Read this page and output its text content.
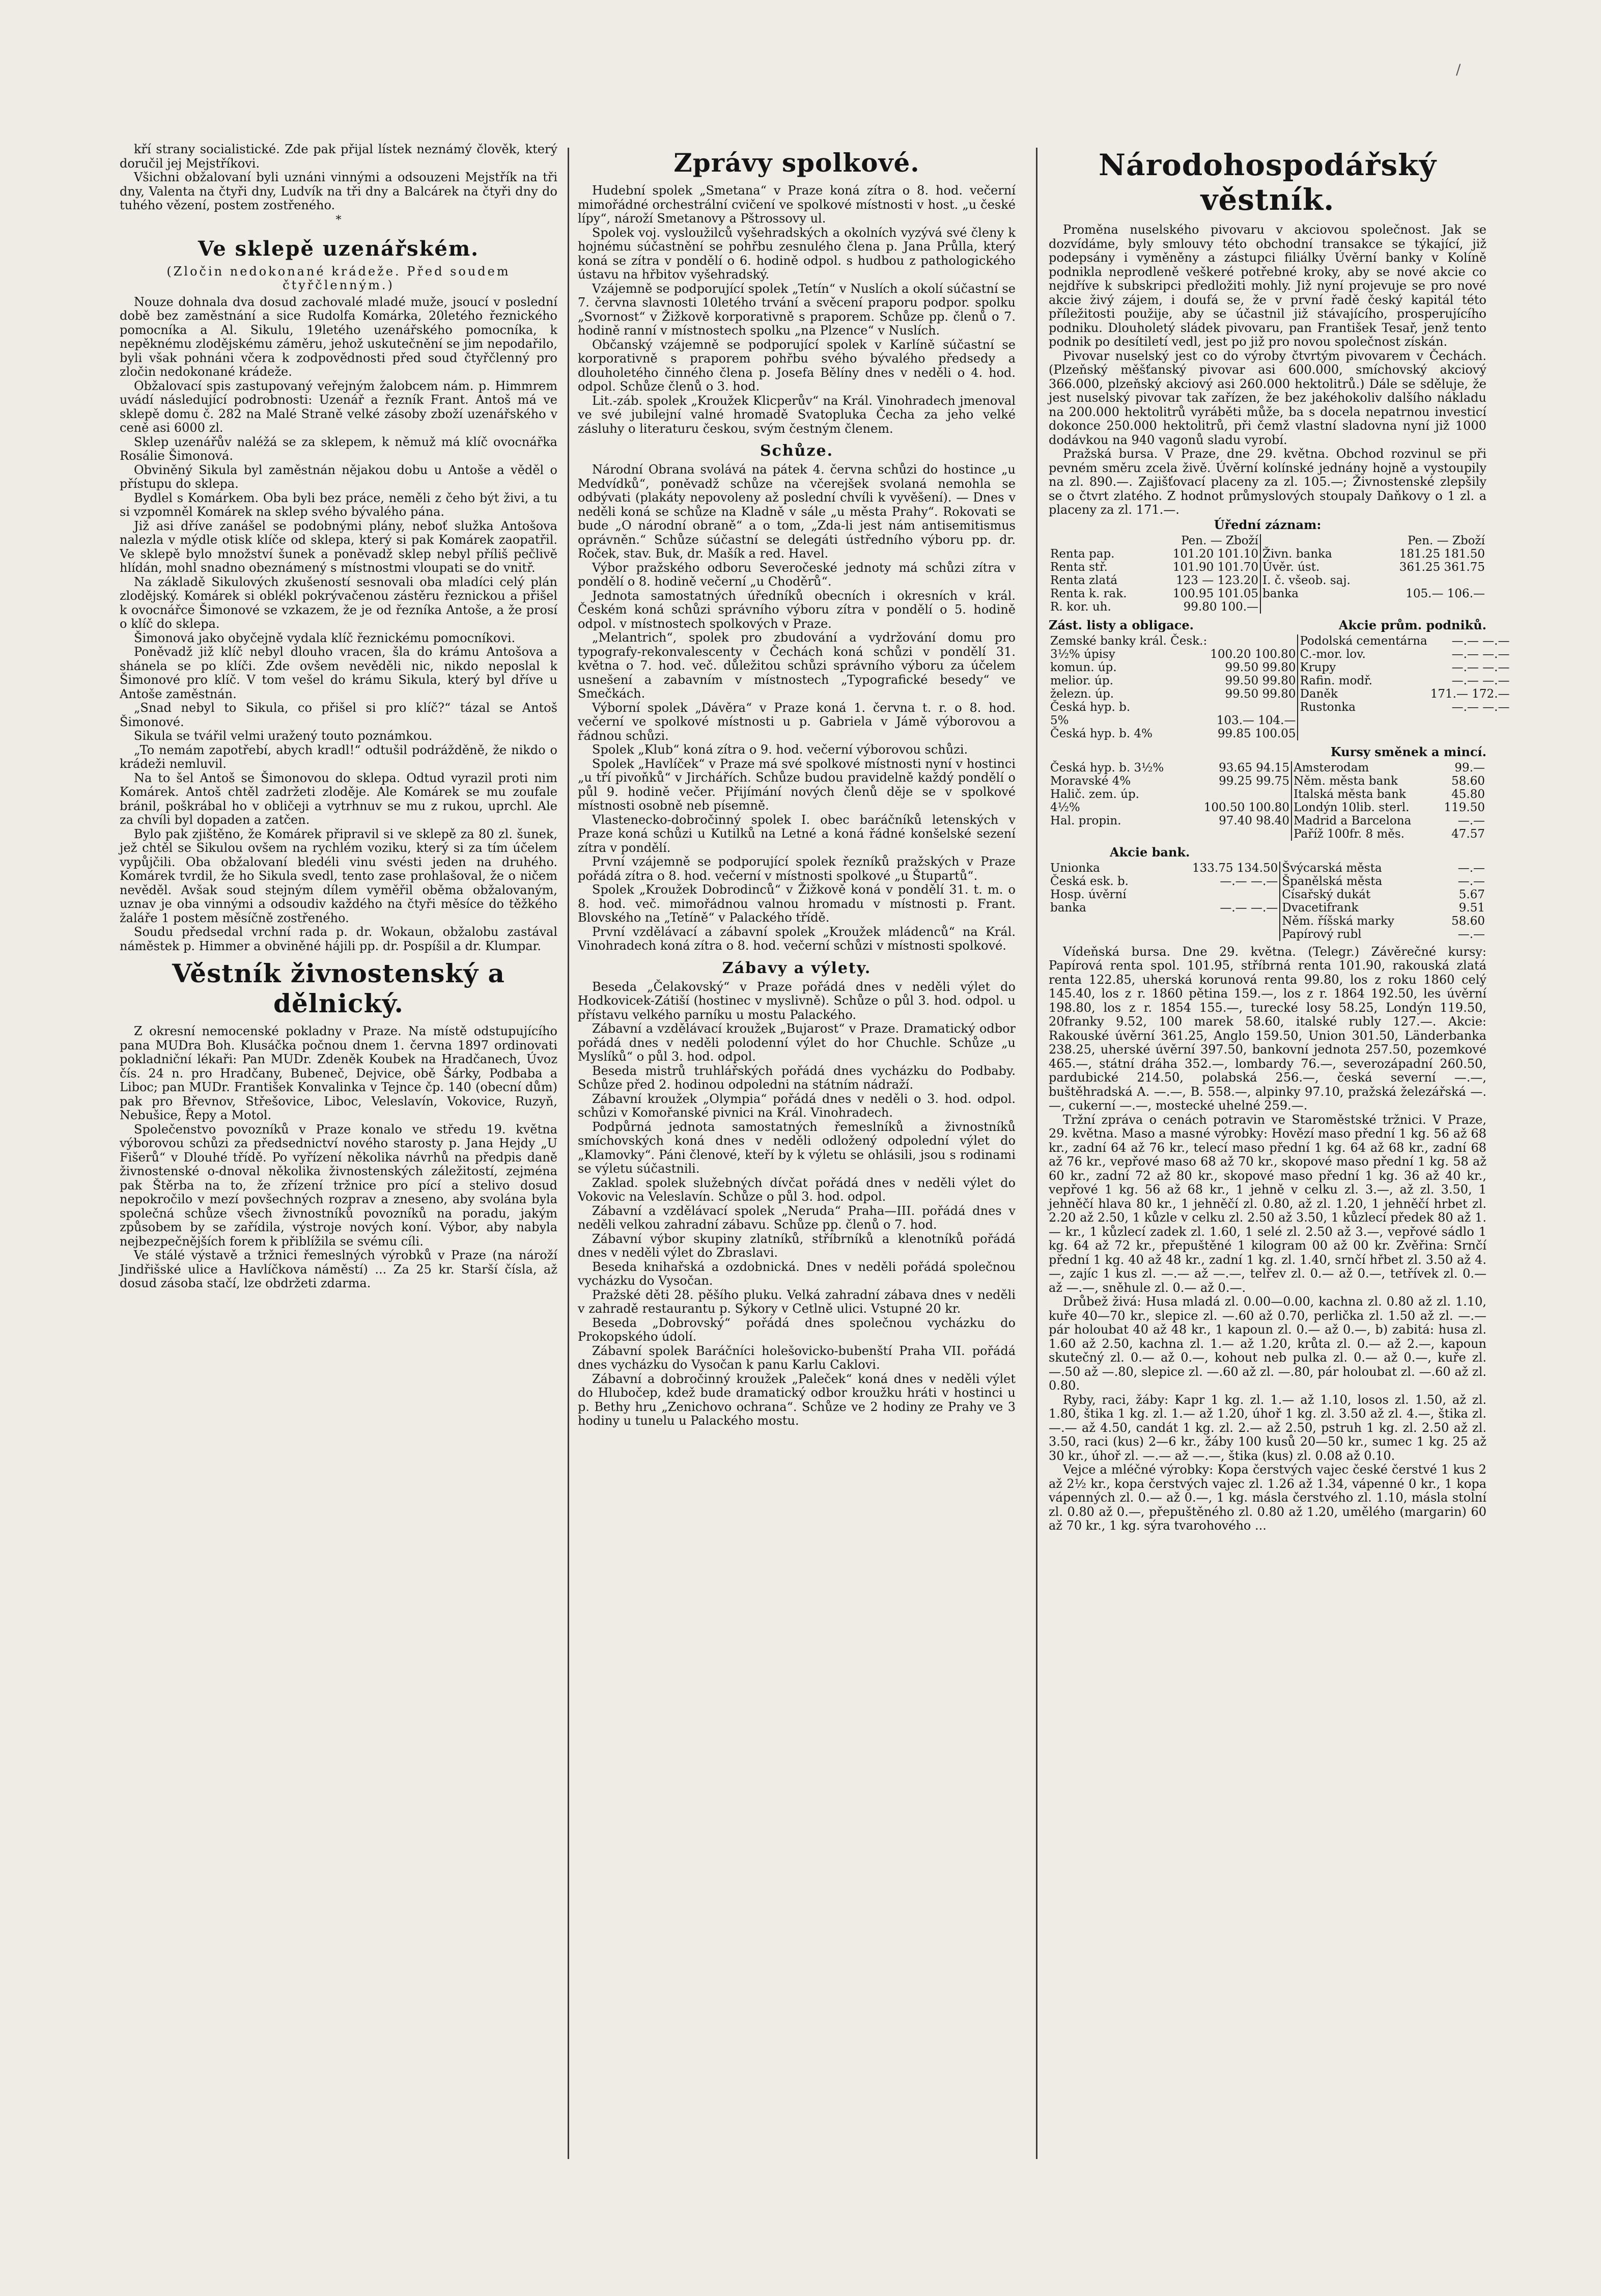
/

kří strany socialistické. Zde pak přijal lístek neznámý člověk, který doručil jej Mejstříkovi.

Všichni obžalovaní byli uznáni vinnými a odsouzeni Mejstřík na tři dny, Valenta na čtyři dny, Ludvík na tři dny a Balcárek na čtyři dny do tuhého vězení, postem zostřeného.

*
Ve sklepě uzenářském.
(Zločin nedokonané krádeže. Před soudem čtyřčlenným.)

Nouze dohnala dva dosud zachovalé mladé muže, jsoucí v poslední době bez zaměstnání a sice Rudolfa Komárka, 20letého řeznického pomocníka a Al. Sikulu, 19letého uzenářského pomocníka, k nepěknému zlodějskému záměru, jehož uskutečnění se jim nepodařilo, byli však pohnáni včera k zodpovědnosti před soud čtyřčlenný pro zločin nedokonané krádeže.

Obžalovací spis zastupovaný veřejným žalobcem nám. p. Himmrem uvádí následující podrobnosti: Uzenář a řezník Frant. Antoš má ve sklepě domu č. 282 na Malé Straně velké zásoby zboží uzenářského v ceně asi 6000 zl.

Sklep uzenářův naléžá se za sklepem, k němuž má klíč ovocnářka Rosálie Šimonová.

Obviněný Sikula byl zaměstnán nějakou dobu u Antoše a věděl o přístupu do sklepa.

Bydlel s Komárkem. Oba byli bez práce, neměli z čeho být živi, a tu si vzpomněl Komárek na sklep svého bývalého pána.

Již asi dříve zanášel se podobnými plány, neboť služka Antošova nalezla v mýdle otisk klíče od sklepa, který si pak Komárek zaopatřil. Ve sklepě bylo množství šunek a poněvadž sklep nebyl příliš pečlivě hlídán, mohl snadno obeznámený s místnostmi vloupati se do vnitř.

Na základě Sikulových zkušeností sesnovali oba mladíci celý plán zlodějský. Komárek si oblékl pokrývačenou zástěru řeznickou a přišel k ovocnářce Šimonové se vzkazem, že je od řezníka Antoše, a že prosí o klíč do sklepa.

Šimonová jako obyčejně vydala klíč řeznickému pomocníkovi.

Poněvadž již klíč nebyl dlouho vracen, šla do krámu Antošova a shánela se po klíči. Zde ovšem nevěděli nic, nikdo neposlal k Šimonové pro klíč. V tom vešel do krámu Sikula, který byl dříve u Antoše zaměstnán.

„Snad nebyl to Sikula, co přišel si pro klíč?“ tázal se Antoš Šimonové.

Sikula se tvářil velmi uražený touto poznámkou.

„To nemám zapotřebí, abych kradl!“ odtušil podrážděně, že nikdo o krádeži nemluvil.

Na to šel Antoš se Šimonovou do sklepa. Odtud vyrazil proti nim Komárek. Antoš chtěl zadržeti zloděje. Ale Komárek se mu zoufale bránil, poškrábal ho v obličeji a vytrhnuv se mu z rukou, uprchl. Ale za chvíli byl dopaden a zatčen.

Bylo pak zjištěno, že Komárek připravil si ve sklepě za 80 zl. šunek, jež chtěl se Sikulou ovšem na rychlém voziku, který si za tím účelem vypůjčili. Oba obžalovaní bledéli vinu svésti jeden na druhého. Komárek tvrdil, že ho Sikula svedl, tento zase prohlašoval, že o ničem nevěděl. Avšak soud stejným dílem vyměřil oběma obžalovaným, uznav je oba vinnými a odsoudiv každého na čtyři měsíce do těžkého žaláře 1 postem měsíčně zostřeného.

Soudu předsedal vrchní rada p. dr. Wokaun, obžalobu zastával náměstek p. Himmer a obviněné hájili pp. dr. Pospíšil a dr. Klumpar.

Věstník živnostenský a dělnický.

Z okresní nemocenské pokladny v Praze. Na místě odstupujícího pana MUDra Boh. Klusáčka počnou dnem 1. června 1897 ordinovati pokladniční lékaři: Pan MUDr. Zdeněk Koubek na Hradčanech, Úvoz čís. 24 n. pro Hradčany, Bubeneč, Dejvice, obě Šárky, Podbaba a Liboc; pan MUDr. František Konvalinka v Tejnce čp. 140 (obecní dům) pak pro Břevnov, Střešovice, Liboc, Veleslavín, Vokovice, Ruzyň, Nebušice, Řepy a Motol.

Společenstvo povozníků v Praze konalo ve středu 19. května výborovou schůzi za předsednictví nového starosty p. Jana Hejdy „U Fišerů“ v Dlouhé třídě. Po vyřízení několika návrhů na předpis daně živnostenské o-dnoval několika živnostenských záležitostí, zejména pak Štěrba na to, že zřízení tržnice pro pící a stelivo dosud nepokročilo v mezí povšechných rozprav a zneseno, aby svolána byla společná schůze všech živnostníků povozníků na poradu, jakým způsobem by se zařídila, výstroje nových koní. Výbor, aby nabyla nejbezpečnějších forem k přiblížila se svému cíli.

Ve stálé výstavě a tržnici řemeslných výrobků v Praze (na nároží Jindřišské ulice a Havlíčkova náměstí) ... Za 25 kr. Starší čísla, až dosud zásoba stačí, lze obdržeti zdarma.

Zprávy spolkové.

Hudební spolek „Smetana“ v Praze koná zítra o 8. hod. večerní mimořádné orchestrální cvičení ve spolkové místnosti v host. „u české lípy“, nároží Smetanovy a Pštrossovy ul.

Spolek voj. vysloužilců vyšehradských a okolních vyzývá své členy k hojnému súčastnění se pohřbu zesnulého člena p. Jana Průlla, který koná se zítra v pondělí o 6. hodině odpol. s hudbou z pathologického ústavu na hřbitov vyšehradský.

Vzájemně se podporující spolek „Tetín“ v Nuslích a okolí súčastní se 7. června slavnosti 10letého trvání a svěcení praporu podpor. spolku „Svornost“ v Žižkově korporativně s praporem. Schůze pp. členů o 7. hodině ranní v místnostech spolku „na Plzence“ v Nuslích.

Občanský vzájemně se podporující spolek v Karlíně súčastní se korporativně s praporem pohřbu svého bývalého předsedy a dlouholetého činného člena p. Josefa Bělíny dnes v neděli o 4. hod. odpol. Schůze členů o 3. hod.

Lit.-záb. spolek „Kroužek Klicperův“ na Král. Vinohradech jmenoval ve své jubilejní valné hromadě Svatopluka Čecha za jeho velké zásluhy o literaturu českou, svým čestným členem.

Schůze.

Národní Obrana svolává na pátek 4. června schůzi do hostince „u Medvídků“, poněvadž schůze na včerejšek svolaná nemohla se odbývati (plakáty nepovoleny až poslední chvíli k vyvěšení). — Dnes v neděli koná se schůze na Kladně v sále „u města Prahy“. Rokovati se bude „O národní obraně“ a o tom, „Zda-li jest nám antisemitismus oprávněn.“ Schůze súčastní se delegáti ústředního výboru pp. dr. Roček, stav. Buk, dr. Mašík a red. Havel.

Výbor pražského odboru Severočeské jednoty má schůzi zítra v pondělí o 8. hodině večerní „u Choděrů“.

Jednota samostatných úředníků obecních i okresních v král. Českém koná schůzi správního výboru zítra v pondělí o 5. hodině odpol. v místnostech spolkových v Praze.

„Melantrich“, spolek pro zbudování a vydržování domu pro typografy-rekonvalescenty v Čechách koná schůzi v pondělí 31. května o 7. hod. več. důležitou schůzi správního výboru za účelem usnešení a zabavním v místnostech „Typografické besedy“ ve Smečkách.

Výborní spolek „Dávěra“ v Praze koná 1. června t. r. o 8. hod. večerní ve spolkové místnosti u p. Gabriela v Jámě výborovou a řádnou schůzi.

Spolek „Klub“ koná zítra o 9. hod. večerní výborovou schůzi.

Spolek „Havlíček“ v Praze má své spolkové místnosti nyní v hostinci „u tří pivoňků“ v Jirchářích. Schůze budou pravidelně každý pondělí o půl 9. hodině večer. Přijímání nových členů děje se v spolkové místnosti osobně neb písemně.

Vlastenecko-dobročinný spolek I. obec baráčníků letenských v Praze koná schůzi u Kutilků na Letné a koná řádné konšelské sezení zítra v pondělí.

První vzájemně se podporující spolek řezníků pražských v Praze pořádá zítra o 8. hod. večerní v místnosti spolkové „u Štupartů“.

Spolek „Kroužek Dobrodinců“ v Žižkově koná v pondělí 31. t. m. o 8. hod. več. mimořádnou valnou hromadu v místnosti p. Frant. Blovského na „Tetíně“ v Palackého třídě.

První vzdělávací a zábavní spolek „Kroužek mládenců“ na Král. Vinohradech koná zítra o 8. hod. večerní schůzi v místnosti spolkové.

Zábavy a výlety.

Beseda „Čelakovský“ v Praze pořádá dnes v neděli výlet do Hodkovicek-Zátiší (hostinec v myslivně). Schůze o půl 3. hod. odpol. u přístavu velkého parníku u mostu Palackého.

Zábavní a vzdělávací kroužek „Bujarost“ v Praze. Dramatický odbor pořádá dnes v neděli polodenní výlet do hor Chuchle. Schůze „u Myslíků“ o půl 3. hod. odpol.

Beseda mistrů truhlářských pořádá dnes vycházku do Podbaby. Schůze před 2. hodinou odpoledni na státním nádraží.

Zábavní kroužek „Olympia“ pořádá dnes v neděli o 3. hod. odpol. schůzi v Komořanské pivnici na Král. Vinohradech.

Podpůrná jednota samostatných řemeslníků a živnostníků smíchovských koná dnes v neděli odložený odpolední výlet do „Klamovky“. Páni členové, kteří by k výletu se ohlásili, jsou s rodinami se výletu súčastnili.

Zaklad. spolek služebných dívčat pořádá dnes v neděli výlet do Vokovic na Veleslavín. Schůze o půl 3. hod. odpol.

Zábavní a vzdělávací spolek „Neruda“ Praha—III. pořádá dnes v neděli velkou zahradní zábavu. Schůze pp. členů o 7. hod.

Zábavní výbor skupiny zlatníků, stříbrníků a klenotníků pořádá dnes v neděli výlet do Zbraslavi.

Beseda knihařská a ozdobnická. Dnes v neděli pořádá společnou vycházku do Vysočan.

Pražské děti 28. pěšího pluku. Velká zahradní zábava dnes v neděli v zahradě restaurantu p. Sýkory v Cetlně ulici. Vstupné 20 kr.

Beseda „Dobrovský“ pořádá dnes společnou vycházku do Prokopského údolí.

Zábavní spolek Baráčníci holešovicko-bubenští Praha VII. pořádá dnes vycházku do Vysočan k panu Karlu Caklovi.

Zábavní a dobročinný kroužek „Paleček“ koná dnes v neděli výlet do Hlubočep, kdež bude dramatický odbor kroužku hráti v hostinci u p. Bethy hru „Zenichovo ochrana“. Schůze ve 2 hodiny ze Prahy ve 3 hodiny u tunelu u Palackého mostu.

Národohospodářský věstník.

Proměna nuselského pivovaru v akciovou společnost. Jak se dozvídáme, byly smlouvy této obchodní transakce se týkající, již podepsány i vyměněny a zástupci filiálky Úvěrní banky v Kolíně podnikla neprodleně veškeré potřebné kroky, aby se nové akcie co nejdříve k subskripci předložiti mohly. Již nyní projevuje se pro nové akcie živý zájem, i doufá se, že v první řadě český kapitál této příležitosti použije, aby se účastnil již stávajícího, prosperujícího podniku. Dlouholetý sládek pivovaru, pan František Tesař, jenž tento podnik po desítiletí vedl, jest po již pro novou společnost získán.

Pivovar nuselský jest co do výroby čtvrtým pivovarem v Čechách. (Plzeňský měšťanský pivovar asi 600.000, smíchovský akciový 366.000, plzeňský akciový asi 260.000 hektolitrů.) Dále se sděluje, že jest nuselský pivovar tak zařízen, že bez jakéhokoliv dalšího nákladu na 200.000 hektolitrů vyráběti může, ba s docela nepatrnou investicí dokonce 250.000 hektolitrů, při čemž vlastní sladovna nyní již 1000 dodávkou na 940 vagonů sladu vyrobí.

Pražská bursa. V Praze, dne 29. května. Obchod rozvinul se při pevném směru zcela živě. Úvěrní kolínské jednány hojně a vystoupily na zl. 890.—. Zajišťovací placeny za zl. 105.—; Živnostenské zlepšily se o čtvrt zlatého. Z hodnot průmyslových stoupaly Daňkovy o 1 zl. a placeny za zl. 171.—.

Úřední záznam:
	Pen. — Zboží		Pen. — Zboží
Renta pap.	101.20 101.10	Živn. banka	181.25 181.50
Renta stř.	101.90 101.70	Úvěr. úst.	361.25 361.75
Renta zlatá	123 — 123.20	I. č. všeob. saj.	
Renta k. rak.	100.95 101.05	banka	105.— 106.—
R. kor. uh.	99.80 100.—		
Zást. listy a obligace.	Akcie prům. podniků.
Zemské banky král. Česk.:		Podolská cementárna	—.— —.—
3½% úpisy	100.20 100.80	C.-mor. lov.	—.— —.—
komun. úp.	99.50 99.80	Krupy	—.— —.—
melior. úp.	99.50 99.80	Rafin. modř.	—.— —.—
železn. úp.	99.50 99.80	Daněk	171.— 172.—
Česká hyp. b.		Rustonka	—.— —.—
5%	103.— 104.—		
Česká hyp. b. 4%	99.85 100.05		
Kursy směnek a mincí.
Česká hyp. b. 3½%	93.65 94.15	Amsterodam	99.—
Moravské 4%	99.25 99.75	Něm. města bank	58.60
Halič. zem. úp.		Italská města bank	45.80
4½%	100.50 100.80	Londýn 10lib. sterl.	119.50
Hal. propin.	97.40 98.40	Madrid a Barcelona	—.—
		Paříž 100fr. 8 měs.	47.57
Akcie bank.
Unionka	133.75 134.50	Švýcarská města	—.—
Česká esk. b.	—.— —.—	Španělská města	—.—
Hosp. úvěrní		Císařský dukát	5.67
banka	—.— —.—	Dvacetifrank	9.51
		Něm. říšská marky	58.60
		Papírový rubl	—.—

Vídeňská bursa. Dne 29. května. (Telegr.) Závěrečné kursy: Papírová renta spol. 101.95, stříbrná renta 101.90, rakouská zlatá renta 122.85, uherská korunová renta 99.80, los z roku 1860 celý 145.40, los z r. 1860 pětina 159.—, los z r. 1864 192.50, les úvěrní 198.80, los z r. 1854 155.—, turecké losy 58.25, Londýn 119.50, 20franky 9.52, 100 marek 58.60, italské rubly 127.—. Akcie: Rakouské úvěrní 361.25, Anglo 159.50, Union 301.50, Länderbanka 238.25, uherské úvěrní 397.50, bankovní jednota 257.50, pozemkové 465.—, státní dráha 352.—, lombardy 76.—, severozápadní 260.50, pardubické 214.50, polabská 256.—, česká severní —.—, buštěhradská A. —.—, B. 558.—, alpinky 97.10, pražská železářská —.—, cukerní —.—, mostecké uhelné 259.—.

Tržní zpráva o cenách potravin ve Staroměstské tržnici. V Praze, 29. května. Maso a masné výrobky: Hovězí maso přední 1 kg. 56 až 68 kr., zadní 64 až 76 kr., telecí maso přední 1 kg. 64 až 68 kr., zadní 68 až 76 kr., vepřové maso 68 až 70 kr., skopové maso přední 1 kg. 58 až 60 kr., zadní 72 až 80 kr., skopové maso přední 1 kg. 36 až 40 kr., vepřové 1 kg. 56 až 68 kr., 1 jehně v celku zl. 3.—, až zl. 3.50, 1 jehněčí hlava 80 kr., 1 jehněčí zl. 0.80, až zl. 1.20, 1 jehněčí hrbet zl. 2.20 až 2.50, 1 kůzle v celku zl. 2.50 až 3.50, 1 kůzlecí předek 80 až 1.— kr., 1 kůzlecí zadek zl. 1.60, 1 selé zl. 2.50 až 3.—, vepřové sádlo 1 kg. 64 až 72 kr., přepuštěné 1 kilogram 00 až 00 kr. Zvěřina: Srnčí přední 1 kg. 40 až 48 kr., zadní 1 kg. zl. 1.40, srnčí hřbet zl. 3.50 až 4.—, zajíc 1 kus zl. —.— až —.—, telřev zl. 0.— až 0.—, tetřívek zl. 0.— až —.—, sněhule zl. 0.— až 0.—.

Drůbež živá: Husa mladá zl. 0.00—0.00, kachna zl. 0.80 až zl. 1.10, kuře 40—70 kr., slepice zl. —.60 až 0.70, perlička zl. 1.50 až zl. —.— pár holoubat 40 až 48 kr., 1 kapoun zl. 0.— až 0.—, b) zabitá: husa zl. 1.60 až 2.50, kachna zl. 1.— až 1.20, krůta zl. 0.— až 2.—, kapoun skutečný zl. 0.— až 0.—, kohout neb pulka zl. 0.— až 0.—, kuře zl. —.50 až —.80, slepice zl. —.60 až zl. —.80, pár holoubat zl. —.60 až zl. 0.80.

Ryby, raci, žáby: Kapr 1 kg. zl. 1.— až 1.10, losos zl. 1.50, až zl. 1.80, štika 1 kg. zl. 1.— až 1.20, úhoř 1 kg. zl. 3.50 až zl. 4.—, štika zl. —.— až 4.50, candát 1 kg. zl. 2.— až 2.50, pstruh 1 kg. zl. 2.50 až zl. 3.50, raci (kus) 2—6 kr., žáby 100 kusů 20—50 kr., sumec 1 kg. 25 až 30 kr., úhoř zl. —.— až —.—, štika (kus) zl. 0.08 až 0.10.

Vejce a mléčné výrobky: Kopa čerstvých vajec české čerstvé 1 kus 2 až 2½ kr., kopa čerstvých vajec zl. 1.26 až 1.34, vápenné 0 kr., 1 kopa vápenných zl. 0.— až 0.—, 1 kg. másla čerstvého zl. 1.10, másla stolní zl. 0.80 až 0.—, přepuštěného zl. 0.80 až 1.20, umělého (margarin) 60 až 70 kr., 1 kg. sýra tvarohového ...
